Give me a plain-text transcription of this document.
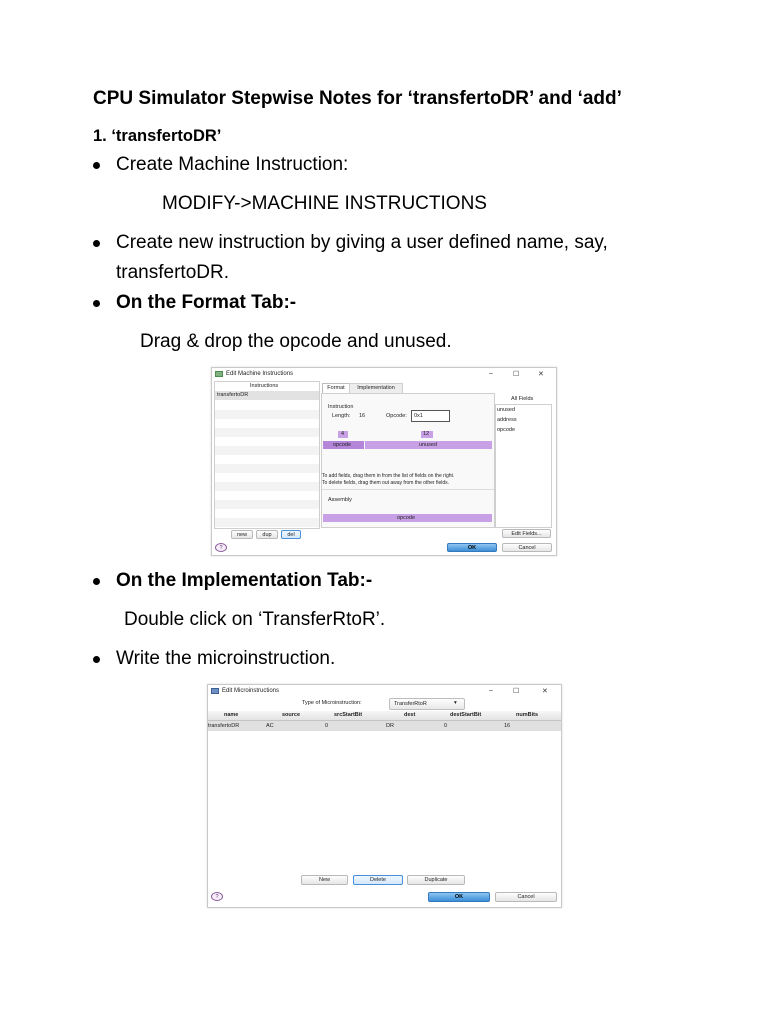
CPU Simulator Stepwise Notes for ‘transfertoDR’ and ‘add’
1. ‘transfertoDR’
Create Machine Instruction:
MODIFY->MACHINE INSTRUCTIONS
Create new instruction by giving a user defined name, say,
transfertoDR.
On the Format Tab:-
Drag & drop the opcode and unused.
Edit Machine Instructions	–	☐	✕
Instructions
transfertoDR
new	dup	del
Format	Implementation
Instruction
Length: 16	Opcode: 0x1
4	12
opcode	unused
To add fields, drag them in from the list of fields on the right.
To delete fields, drag them out away from the other fields.
Assembly
opcode
All Fields
unused
address
opcode
Edit Fields...
?	OK	Cancel
On the Implementation Tab:-
Double click on ‘TransferRtoR’.
Write the microinstruction.
Edit Microinstructions	–	☐	✕
Type of Microinstruction:	TransferRtoR	▾
name	source	srcStartBit	dest	destStartBit	numBits
transfertoDR	AC	0	DR	0	16
New	Delete	Duplicate
?	OK	Cancel
